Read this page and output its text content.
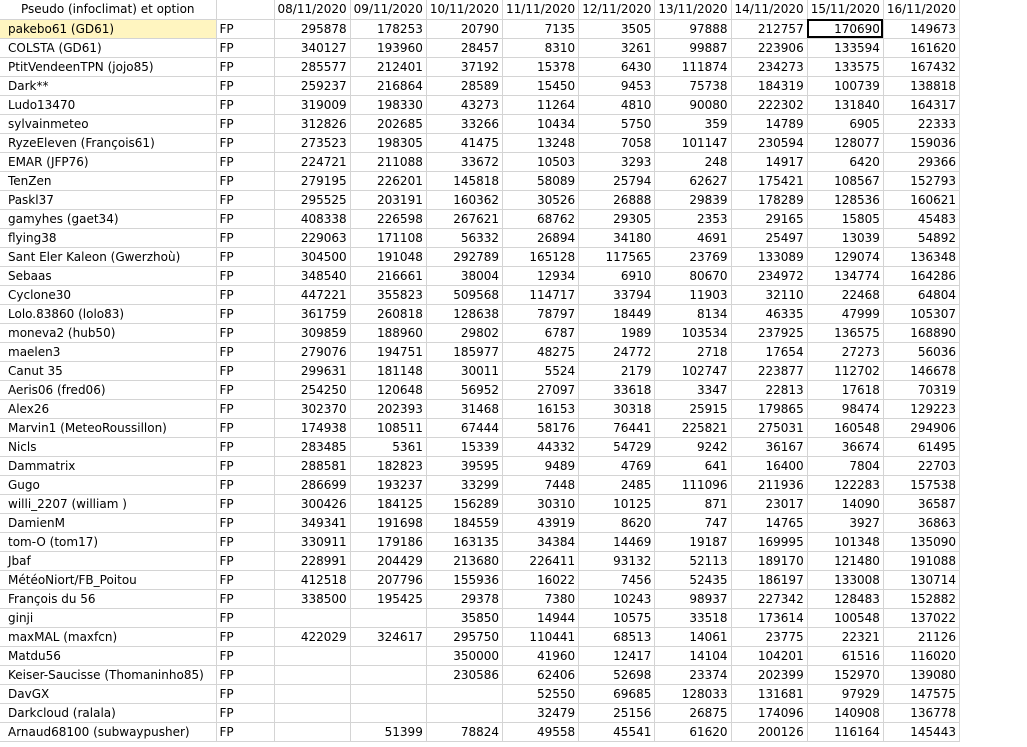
Pseudo (infoclimat) et option		08/11/2020	09/11/2020	10/11/2020	11/11/2020	12/11/2020	13/11/2020	14/11/2020	15/11/2020	16/11/2020
pakebo61 (GD61)	FP	295878	178253	20790	7135	3505	97888	212757	170690	149673
COLSTA (GD61)	FP	340127	193960	28457	8310	3261	99887	223906	133594	161620
PtitVendeenTPN (jojo85)	FP	285577	212401	37192	15378	6430	111874	234273	133575	167432
Dark**	FP	259237	216864	28589	15450	9453	75738	184319	100739	138818
Ludo13470	FP	319009	198330	43273	11264	4810	90080	222302	131840	164317
sylvainmeteo	FP	312826	202685	33266	10434	5750	359	14789	6905	22333
RyzeEleven (François61)	FP	273523	198305	41475	13248	7058	101147	230594	128077	159036
EMAR (JFP76)	FP	224721	211088	33672	10503	3293	248	14917	6420	29366
TenZen	FP	279195	226201	145818	58089	25794	62627	175421	108567	152793
Paskl37	FP	295525	203191	160362	30526	26888	29839	178289	128536	160621
gamyhes (gaet34)	FP	408338	226598	267621	68762	29305	2353	29165	15805	45483
flying38	FP	229063	171108	56332	26894	34180	4691	25497	13039	54892
Sant Eler Kaleon (Gwerzhoù)	FP	304500	191048	292789	165128	117565	23769	133089	129074	136348
Sebaas	FP	348540	216661	38004	12934	6910	80670	234972	134774	164286
Cyclone30	FP	447221	355823	509568	114717	33794	11903	32110	22468	64804
Lolo.83860 (lolo83)	FP	361759	260818	128638	78797	18449	8134	46335	47999	105307
moneva2 (hub50)	FP	309859	188960	29802	6787	1989	103534	237925	136575	168890
maelen3	FP	279076	194751	185977	48275	24772	2718	17654	27273	56036
Canut 35	FP	299631	181148	30011	5524	2179	102747	223877	112702	146678
Aeris06 (fred06)	FP	254250	120648	56952	27097	33618	3347	22813	17618	70319
Alex26	FP	302370	202393	31468	16153	30318	25915	179865	98474	129223
Marvin1 (MeteoRoussillon)	FP	174938	108511	67444	58176	76441	225821	275031	160548	294906
Nicls	FP	283485	5361	15339	44332	54729	9242	36167	36674	61495
Dammatrix	FP	288581	182823	39595	9489	4769	641	16400	7804	22703
Gugo	FP	286699	193237	33299	7448	2485	111096	211936	122283	157538
willi_2207 (william )	FP	300426	184125	156289	30310	10125	871	23017	14090	36587
DamienM	FP	349341	191698	184559	43919	8620	747	14765	3927	36863
tom-O (tom17)	FP	330911	179186	163135	34384	14469	19187	169995	101348	135090
Jbaf	FP	228991	204429	213680	226411	93132	52113	189170	121480	191088
MétéoNiort/FB_Poitou	FP	412518	207796	155936	16022	7456	52435	186197	133008	130714
François du 56	FP	338500	195425	29378	7380	10243	98937	227342	128483	152882
ginji	FP			35850	14944	10575	33518	173614	100548	137022
maxMAL (maxfcn)	FP	422029	324617	295750	110441	68513	14061	23775	22321	21126
Matdu56	FP			350000	41960	12417	14104	104201	61516	116020
Keiser-Saucisse (Thomaninho85)	FP			230586	62406	52698	23374	202399	152970	139080
DavGX	FP				52550	69685	128033	131681	97929	147575
Darkcloud (ralala)	FP				32479	25156	26875	174096	140908	136778
Arnaud68100 (subwaypusher)	FP		51399	78824	49558	45541	61620	200126	116164	145443
